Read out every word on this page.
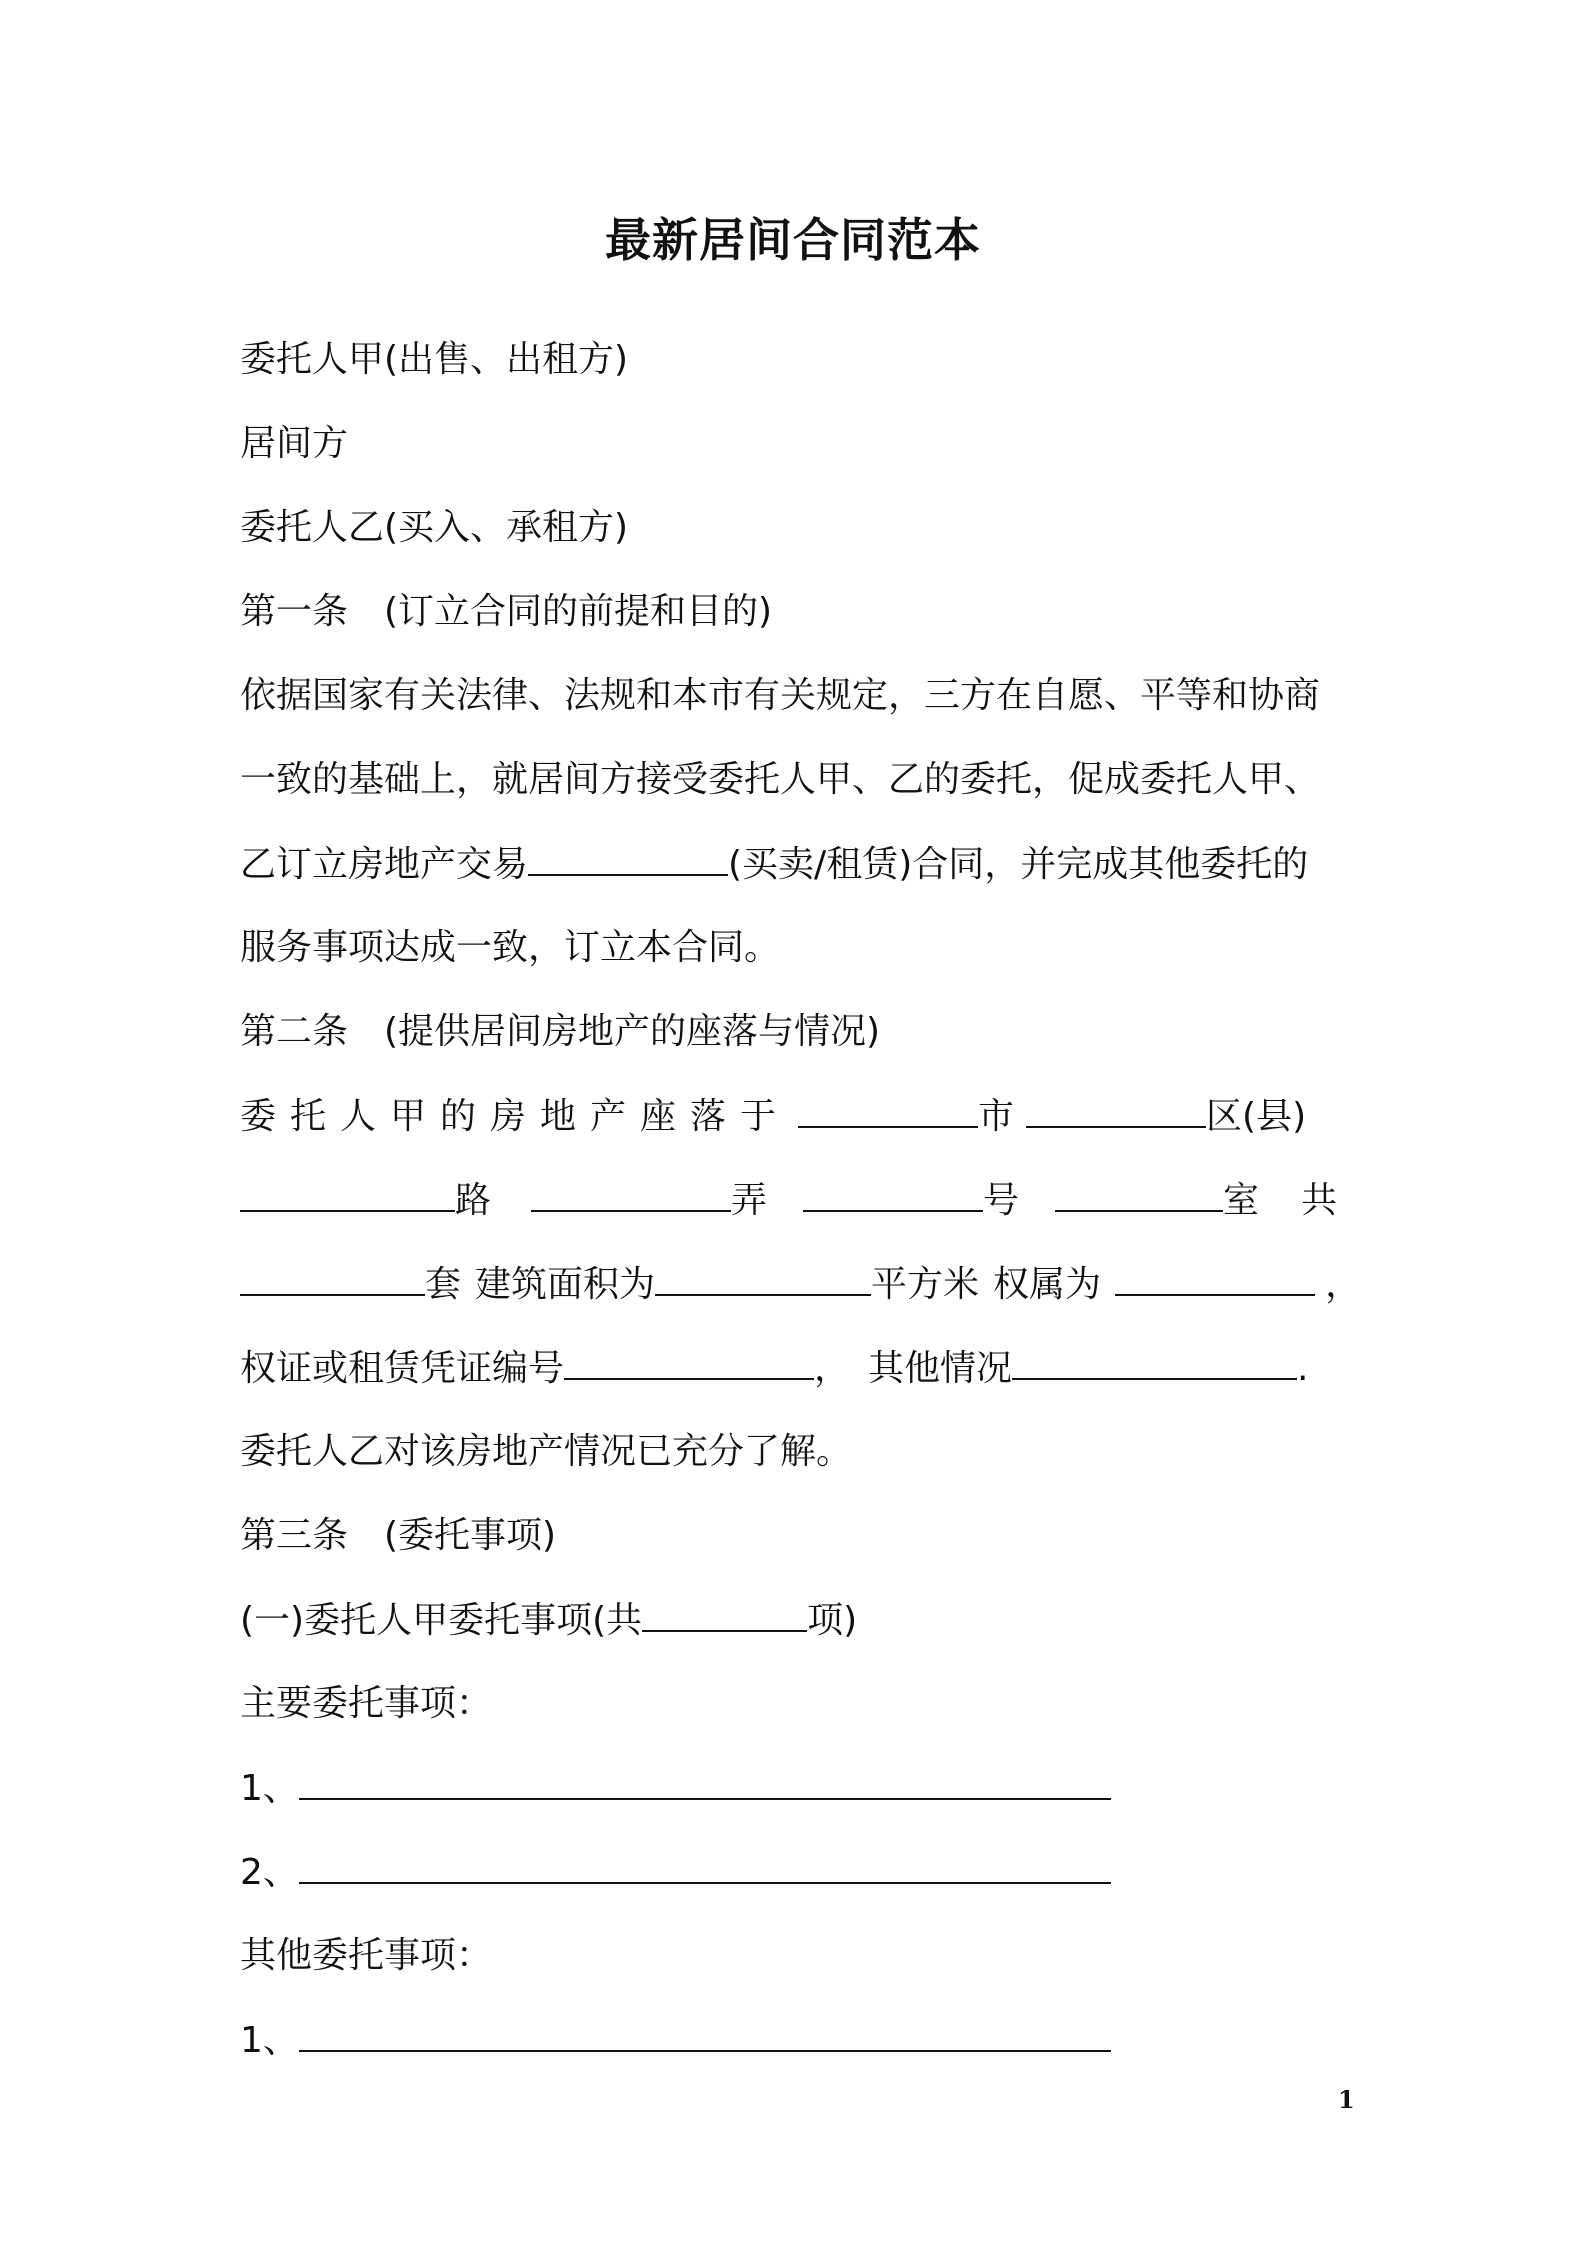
最新居间合同范本
委托人甲(出售、出租方)
居间方
委托人乙(买入、承租方)
第一条　(订立合同的前提和目的)
依据国家有关法律、法规和本市有关规定，三方在自愿、平等和协商
一致的基础上，就居间方接受委托人甲、乙的委托，促成委托人甲、
乙订立房地产交易	(买卖/租赁)合同，并完成其他委托的
服务事项达成一致，订立本合同。
第二条　(提供居间房地产的座落与情况)
委托人甲的房地产座落于	市	区(县)
路	弄	号	室 共
套 建筑面积为	平方米 权属为	，
权证或租赁凭证编号	， 其他情况	.
委托人乙对该房地产情况已充分了解。
第三条　(委托事项)
(一)委托人甲委托事项(共	项)
主要委托事项：
1、
2、
其他委托事项：
1、
1
